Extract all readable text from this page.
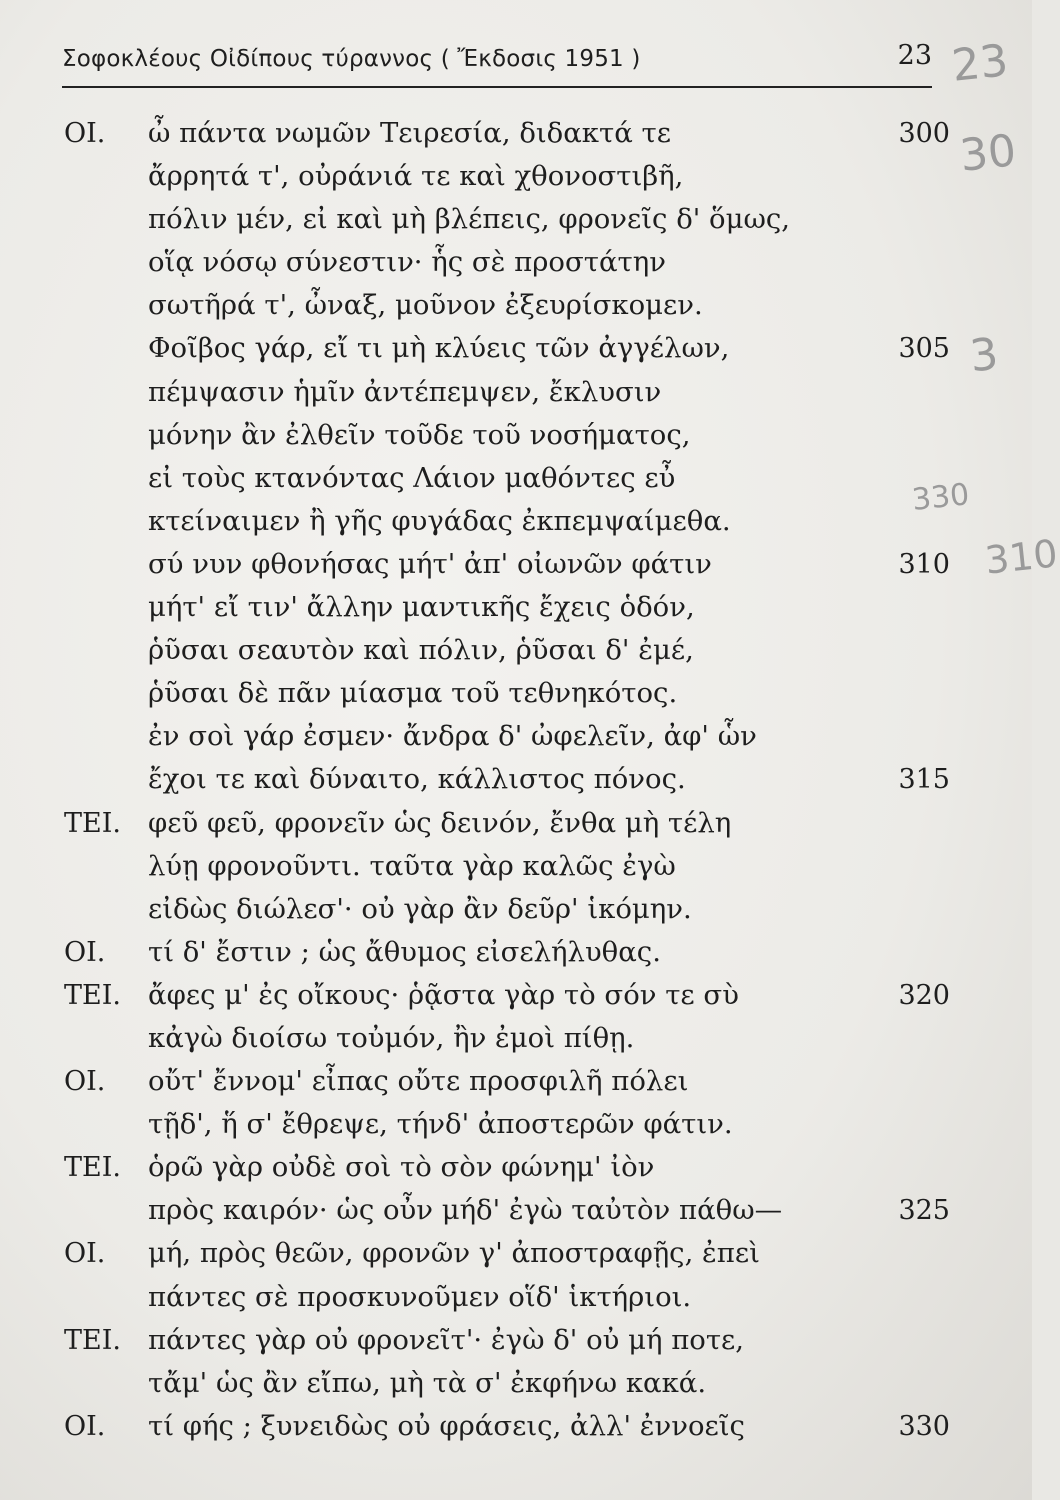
Σοφοκλέους Οἰδίπους τύραννος ( Ἔκδοσις 1951 )	23 23
30
3
330
310
ΟΙ. ὦ πάντα νωμῶν Τειρεσία, διδακτά τε	300
ἄρρητά τ', οὐράνιά τε καὶ χθονοστιβῆ,
πόλιν μέν, εἰ καὶ μὴ βλέπεις, φρονεῖς δ' ὅμως,
οἵᾳ νόσῳ σύνεστιν· ἧς σὲ προστάτην
σωτῆρά τ', ὦναξ, μοῦνον ἐξευρίσκομεν.
Φοῖβος γάρ, εἴ τι μὴ κλύεις τῶν ἀγγέλων,	305
πέμψασιν ἡμῖν ἀντέπεμψεν, ἔκλυσιν
μόνην ἂν ἐλθεῖν τοῦδε τοῦ νοσήματος,
εἰ τοὺς κτανόντας Λάιον μαθόντες εὖ
κτείναιμεν ἢ γῆς φυγάδας ἐκπεμψαίμεθα.
σύ νυν φθονήσας μήτ' ἀπ' οἰωνῶν φάτιν	310
μήτ' εἴ τιν' ἄλλην μαντικῆς ἔχεις ὁδόν,
ῥῦσαι σεαυτὸν καὶ πόλιν, ῥῦσαι δ' ἐμέ,
ῥῦσαι δὲ πᾶν μίασμα τοῦ τεθνηκότος.
ἐν σοὶ γάρ ἐσμεν· ἄνδρα δ' ὠφελεῖν, ἀφ' ὧν
ἔχοι τε καὶ δύναιτο, κάλλιστος πόνος.	315
ΤΕΙ. φεῦ φεῦ, φρονεῖν ὡς δεινόν, ἔνθα μὴ τέλη
λύῃ φρονοῦντι. ταῦτα γὰρ καλῶς ἐγὼ
εἰδὼς διώλεσ'· οὐ γὰρ ἂν δεῦρ' ἱκόμην.
ΟΙ. τί δ' ἔστιν ; ὡς ἄθυμος εἰσελήλυθας.
ΤΕΙ. ἄφες μ' ἐς οἴκους· ῥᾷστα γὰρ τὸ σόν τε σὺ	320
κἀγὼ διοίσω τοὐμόν, ἢν ἐμοὶ πίθῃ.
ΟΙ. οὔτ' ἔννομ' εἶπας οὔτε προσφιλῆ πόλει
τῇδ', ἥ σ' ἔθρεψε, τήνδ' ἀποστερῶν φάτιν.
ΤΕΙ. ὁρῶ γὰρ οὐδὲ σοὶ τὸ σὸν φώνημ' ἰὸν
πρὸς καιρόν· ὡς οὖν μήδ' ἐγὼ ταὐτὸν πάθω—	325
ΟΙ. μή, πρὸς θεῶν, φρονῶν γ' ἀποστραφῇς, ἐπεὶ
πάντες σὲ προσκυνοῦμεν οἵδ' ἱκτήριοι.
ΤΕΙ. πάντες γὰρ οὐ φρονεῖτ'· ἐγὼ δ' οὐ μή ποτε,
τἄμ' ὡς ἂν εἴπω, μὴ τὰ σ' ἐκφήνω κακά.
ΟΙ. τί φής ; ξυνειδὼς οὐ φράσεις, ἀλλ' ἐννοεῖς	330
